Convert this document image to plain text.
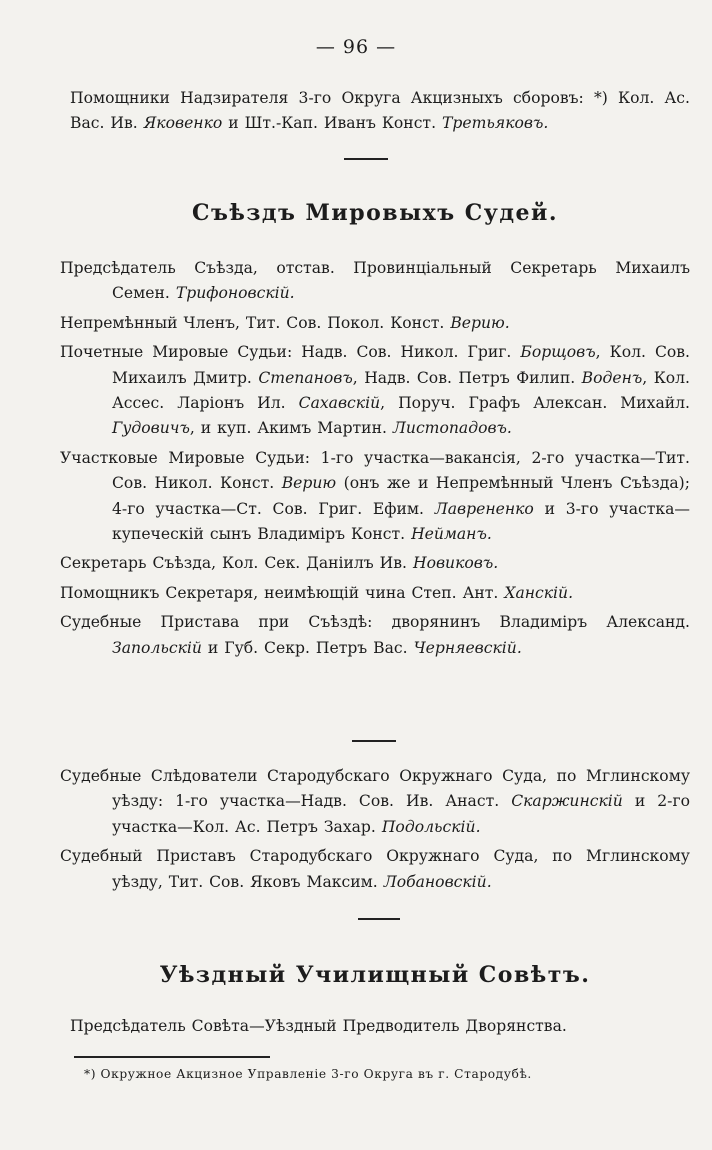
— 96 —

Помощники Надзирателя 3-го Округа Акцизныхъ сборовъ: *) Кол. Ас. Вас. Ив. Яковенко и Шт.-Кап. Иванъ Конст. Третьяковъ.

Съѣздъ Мировыхъ Судей.

Предсѣдатель Съѣзда, отстав. Провинціальный Секретарь Михаилъ Семен. Трифоновскій.

Непремѣнный Членъ, Тит. Сов. Покол. Конст. Верию.

Почетные Мировые Судьи: Надв. Сов. Никол. Григ. Борщовъ, Кол. Сов. Михаилъ Дмитр. Степановъ, Надв. Сов. Петръ Филип. Воденъ, Кол. Ассес. Ларіонъ Ил. Сахавскій, Поруч. Графъ Алексан. Михайл. Гудовичъ, и куп. Акимъ Мартин. Листопадовъ.

Участковые Мировые Судьи: 1-го участка—вакансія, 2-го участка—Тит. Сов. Никол. Конст. Верию (онъ же и Непремѣнный Членъ Съѣзда); 4-го участка—Ст. Сов. Григ. Ефим. Лаврененко и 3-го участка—купеческій сынъ Владиміръ Конст. Нейманъ.

Секретарь Съѣзда, Кол. Сек. Даніилъ Ив. Новиковъ.

Помощникъ Секретаря, неимѣющій чина Степ. Ант. Ханскій.

Судебные Пристава при Съѣздѣ: дворянинъ Владиміръ Александ. Запольскій и Губ. Секр. Петръ Вас. Черняевскій.

Судебные Слѣдователи Стародубскаго Окружнаго Суда, по Мглинскому уѣзду: 1-го участка—Надв. Сов. Ив. Анаст. Скаржинскій и 2-го участка—Кол. Ас. Петръ Захар. Подольскій.

Судебный Приставъ Стародубскаго Окружнаго Суда, по Мглинскому уѣзду, Тит. Сов. Яковъ Максим. Лобановскій.

Уѣздный Училищный Совѣтъ.

Предсѣдатель Совѣта—Уѣздный Предводитель Дворянства.

*) Окружное Акцизное Управленіе 3-го Округа въ г. Стародубѣ.
